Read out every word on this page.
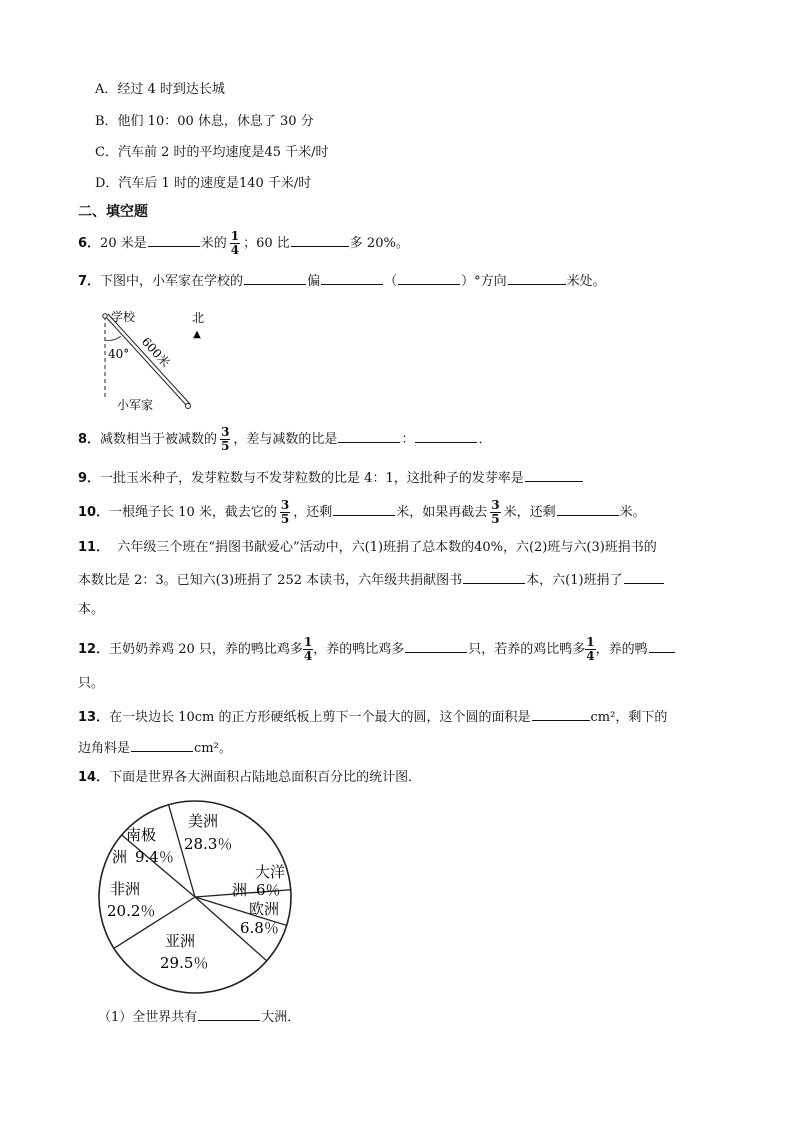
A．经过 4 时到达长城
B．他们 10：00 休息，休息了 30 分
C．汽车前 2 时的平均速度是45 千米/时
D．汽车后 1 时的速度是140 千米/时
二、填空题
6．20 米是	米的 $\frac{1}{4}$ ；60 比	多 20%。
7．下图中，小军家在学校的	偏	（	）°方向	米处。
学校	北
▲
40° 600米
小军家
8．减数相当于被减数的 $\frac{3}{5}$ ，差与减数的比是	：	．
9．一批玉米种子，发芽粒数与不发芽粒数的比是 4：1，这批种子的发芽率是
10．一根绳子长 10 米，截去它的 $\frac{3}{5}$ ，还剩	米，如果再截去 $\frac{3}{5}$ 米，还剩	米。
11． 六年级三个班在“捐图书献爱心”活动中，六(1)班捐了总本数的40%，六(2)班与六(3)班捐书的
本数比是 2：3。已知六(3)班捐了 252 本读书，六年级共捐献图书	本，六(1)班捐了
本。
12．王奶奶养鸡 20 只，养的鸭比鸡多 $\frac{1}{4}$ ，养的鸭比鸡多	只，若养的鸡比鸭多 $\frac{1}{4}$ ，养的鸭
只。
13．在一块边长 10cm 的正方形硬纸板上剪下一个最大的圆，这个圆的面积是	cm²，剩下的
边角料是	cm²。
14．下面是世界各大洲面积占陆地总面积百分比的统计图．
美洲
28.3％
南极
洲 9.4％
大洋
洲 6％
欧洲
6.8％
非洲
20.2％
亚洲
29.5％
（1）全世界共有	大洲．
